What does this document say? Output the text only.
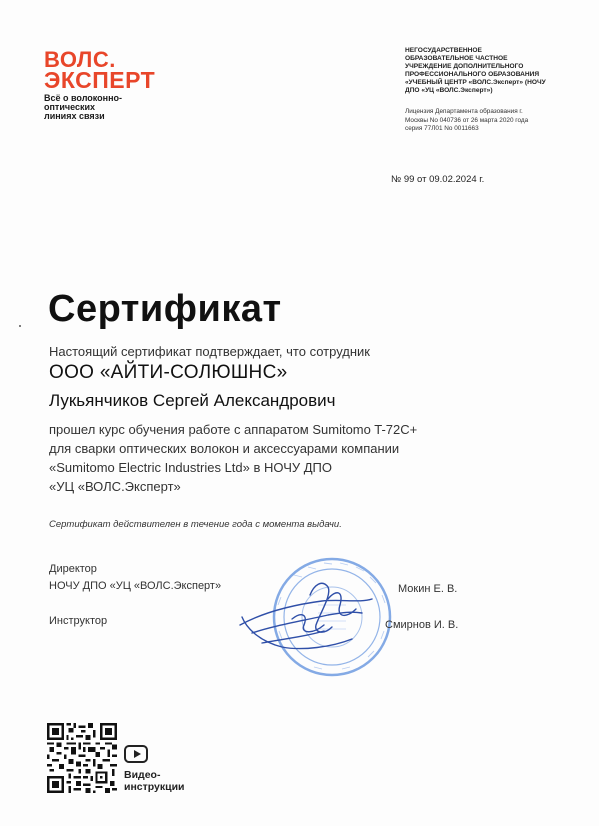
ВОЛС.
ЭКСПЕРТ
Всё о волоконно-
оптических
линиях связи
НЕГОСУДАРСТВЕННОЕ
ОБРАЗОВАТЕЛЬНОЕ ЧАСТНОЕ
УЧРЕЖДЕНИЕ ДОПОЛНИТЕЛЬНОГО
ПРОФЕССИОНАЛЬНОГО ОБРАЗОВАНИЯ
«УЧЕБНЫЙ ЦЕНТР «ВОЛС.Эксперт» (НОЧУ
ДПО «УЦ «ВОЛС.Эксперт»)
Лицензия Департамента образования г.
Москвы No 040736 от 26 марта 2020 года
серия 77Л01 No 0011663
№ 99 от 09.02.2024 г.
Сертификат
Настоящий сертификат подтверждает, что сотрудник
ООО «АЙТИ-СОЛЮШНС»
Лукьянчиков Сергей Александрович
прошел курс обучения работе с аппаратом Sumitomo T-72C+
для сварки оптических волокон и аксессуарами компании
«Sumitomo Electric Industries Ltd» в НОЧУ ДПО
«УЦ «ВОЛС.Эксперт»
Сертификат действителен в течение года с момента выдачи.
Директор
НОЧУ ДПО «УЦ «ВОЛС.Эксперт»	Мокин Е. В.
Инструктор	Смирнов И. В.
Видео-
инструкции
